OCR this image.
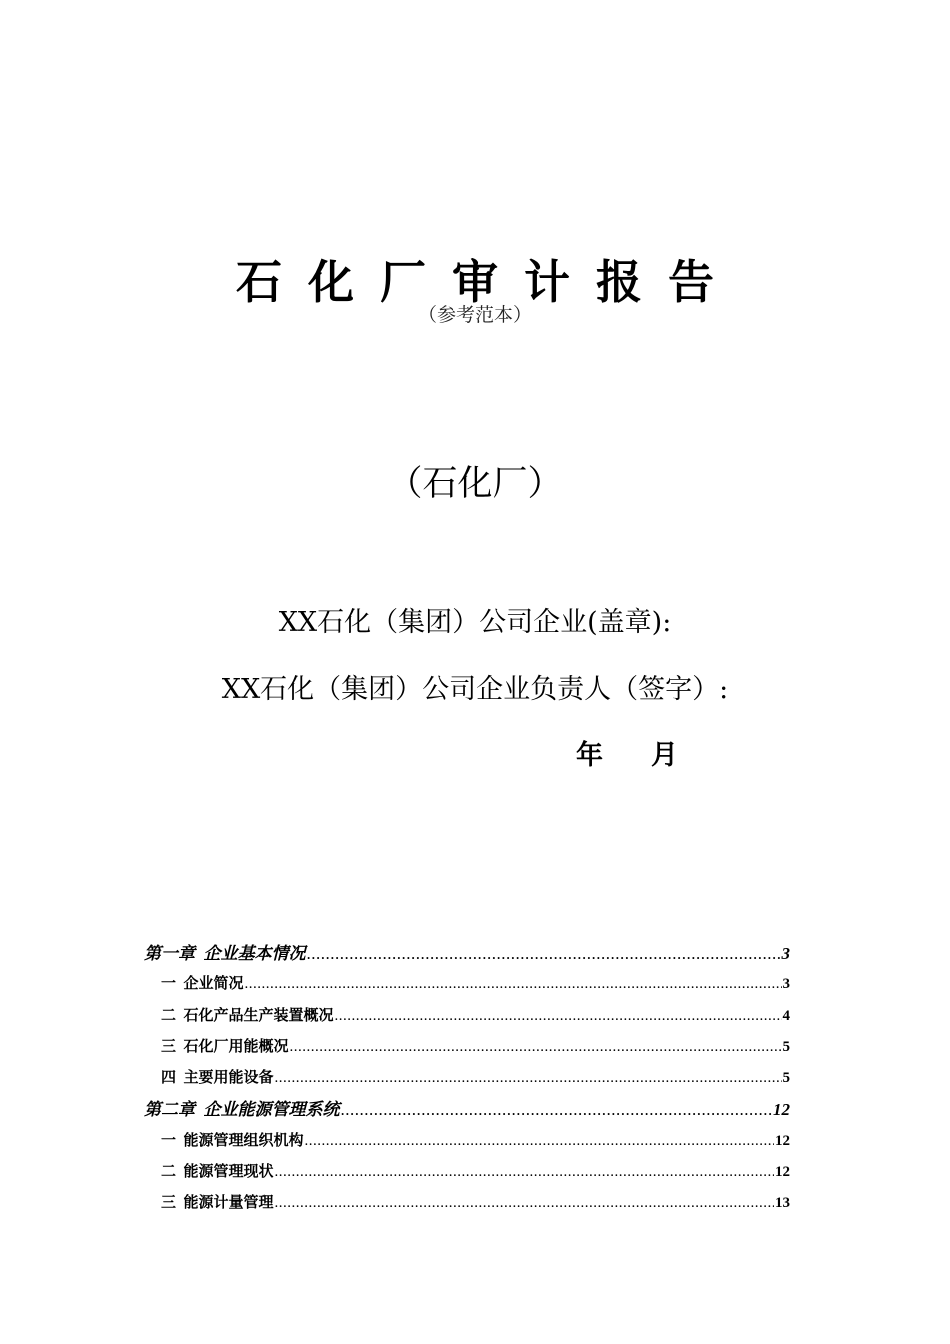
石化厂审计报告
（参考范本）
（石化厂）
XX石化（集团）公司企业(盖章):
XX石化（集团）公司企业负责人（签字）:
年 月
第一章 企业基本情况 .....	3
一 企业简况 .....	3
二 石化产品生产装置概况 .....	4
三 石化厂用能概况 .....	5
四 主要用能设备 .....	5
第二章 企业能源管理系统 .....	12
一 能源管理组织机构 .....	12
二 能源管理现状 .....	12
三 能源计量管理 .....	13
